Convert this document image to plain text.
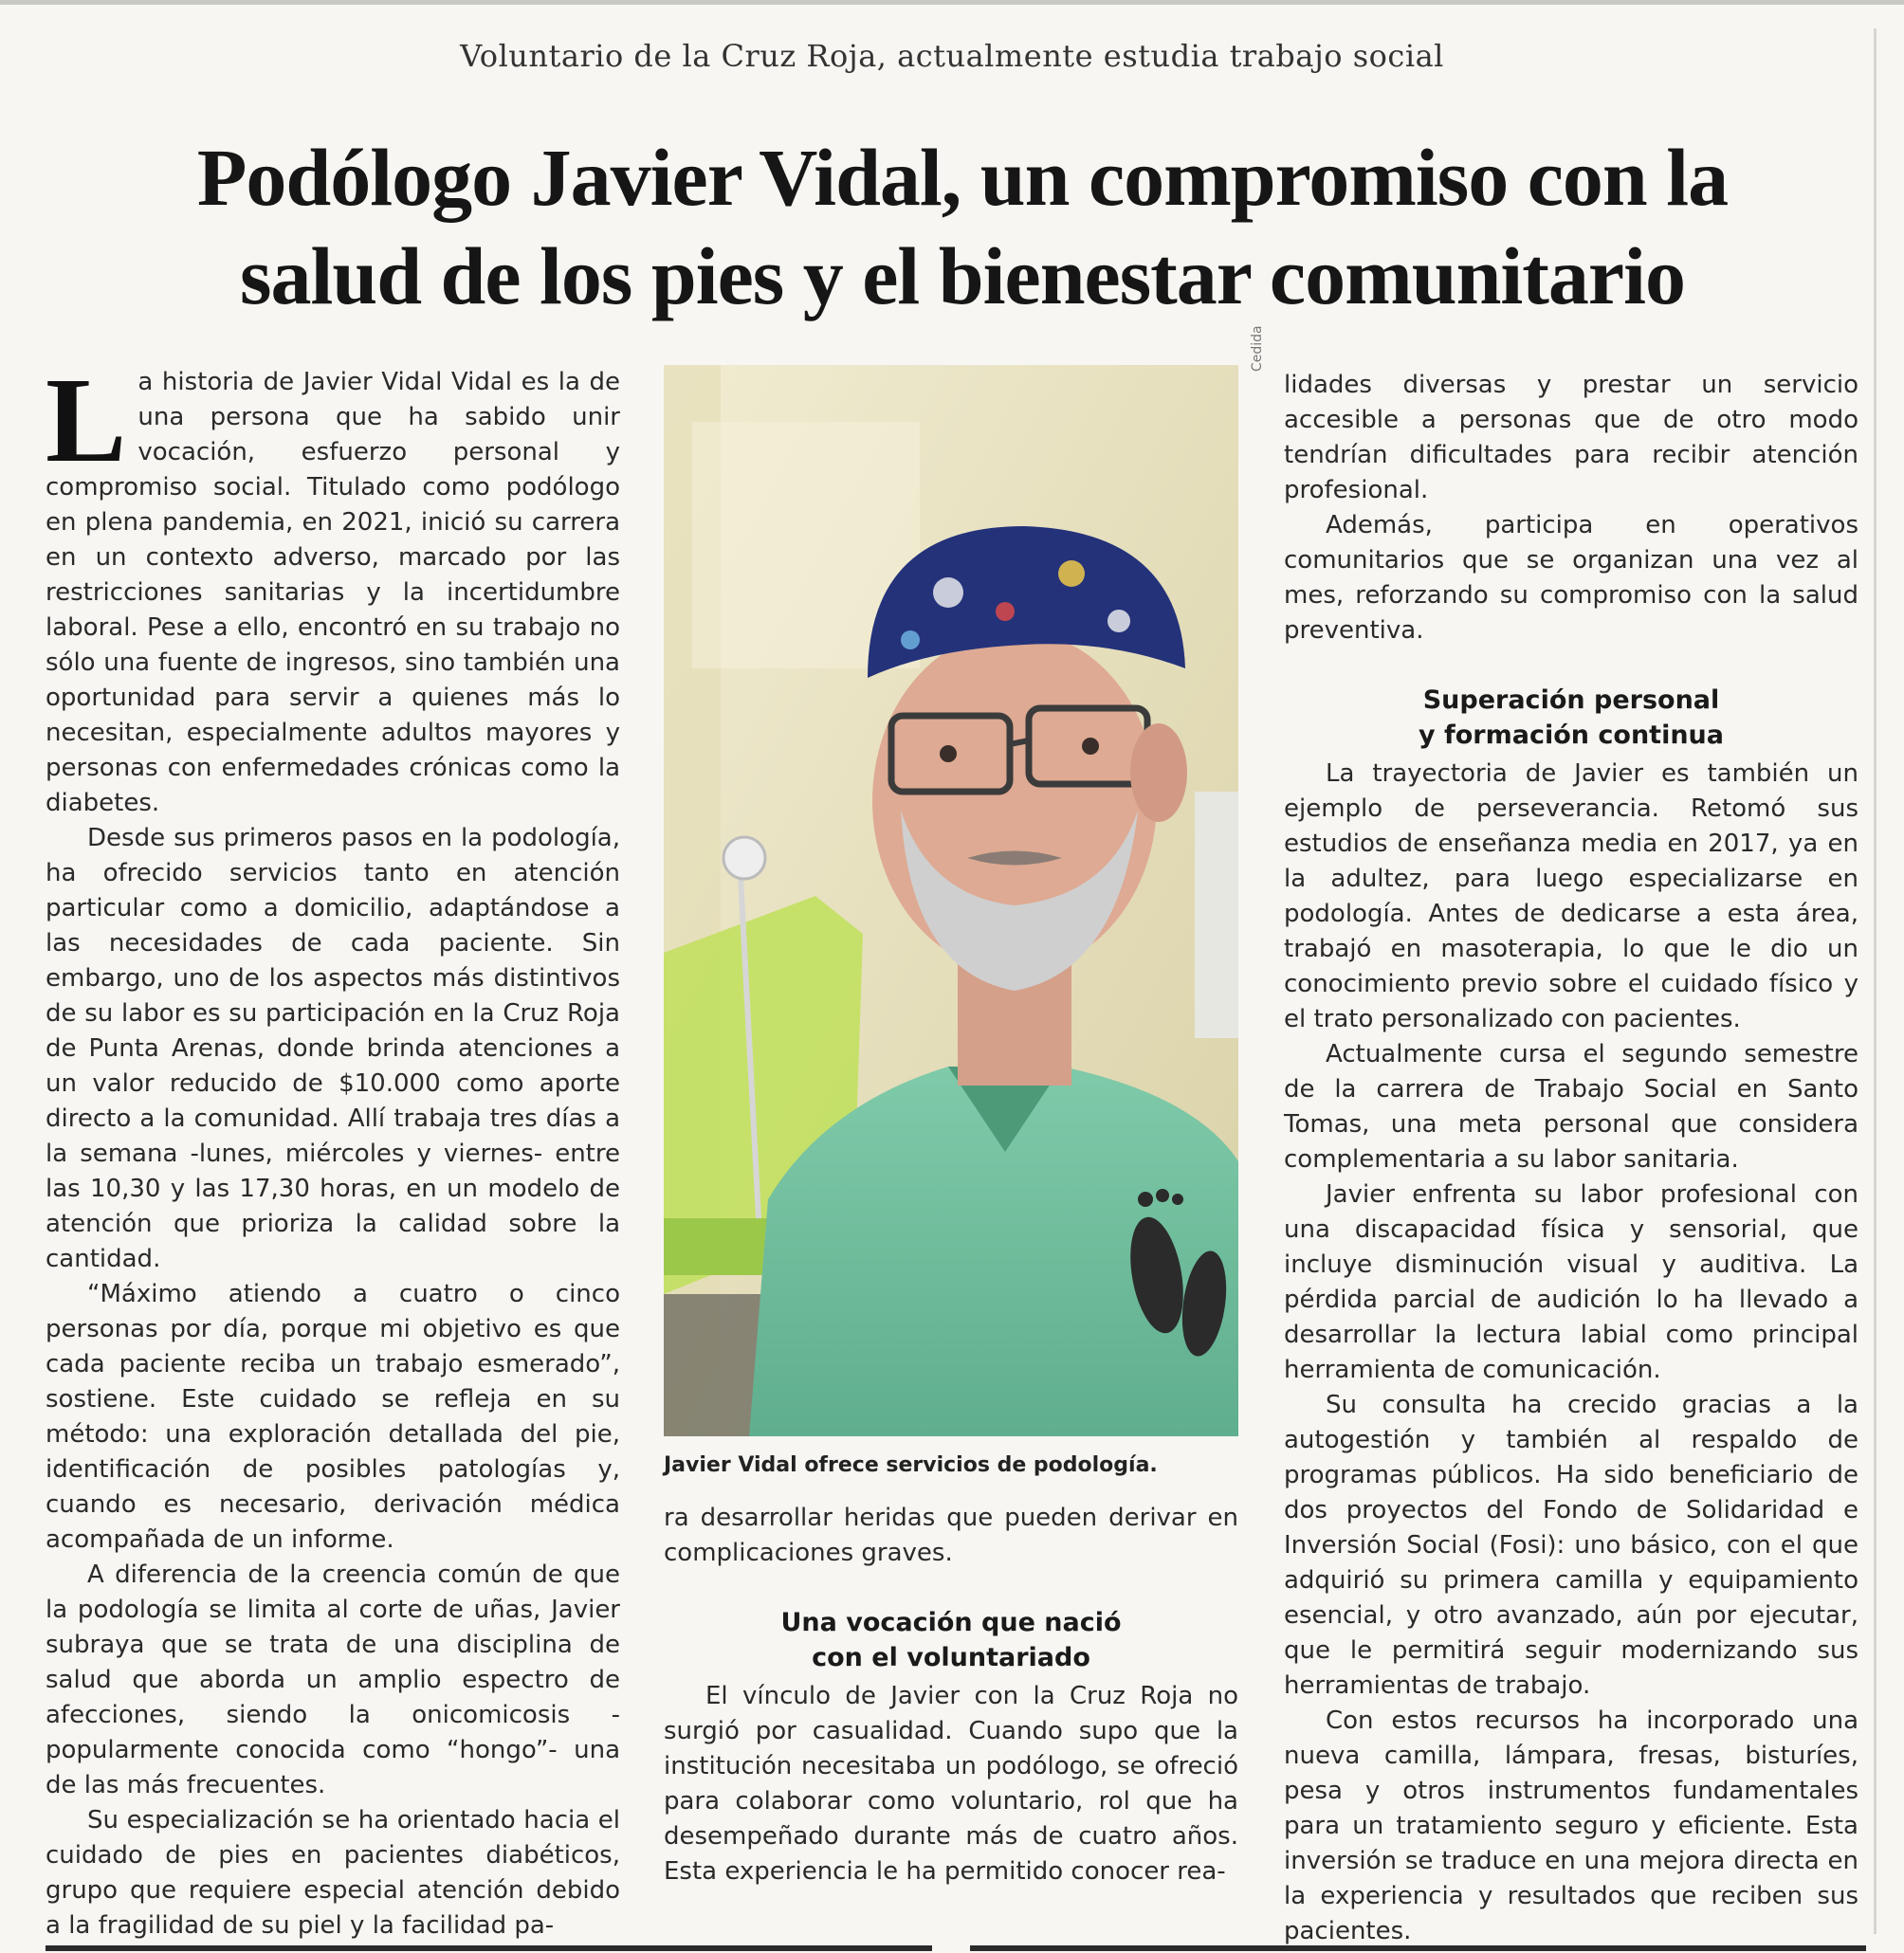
Voluntario de la Cruz Roja, actualmente estudia trabajo social
Podólogo Javier Vidal, un compromiso con la
salud de los pies y el bienestar comunitario

La historia de Javier Vidal Vidal es la de una persona que ha sabido unir vocación, esfuerzo personal y compromiso social. Titulado como podólogo en plena pandemia, en 2021, inició su carrera en un contexto adverso, marcado por las restricciones sanitarias y la incertidumbre laboral. Pese a ello, encontró en su trabajo no sólo una fuente de ingresos, sino también una oportunidad para servir a quienes más lo necesitan, especialmente adultos mayores y personas con enfermedades crónicas como la diabetes.

Desde sus primeros pasos en la podología, ha ofrecido servicios tanto en atención particular como a domicilio, adaptándose a las necesidades de cada paciente. Sin embargo, uno de los aspectos más distintivos de su labor es su participación en la Cruz Roja de Punta Arenas, donde brinda atenciones a un valor reducido de $10.000 como aporte directo a la comunidad. Allí trabaja tres días a la semana -lunes, miércoles y viernes- entre las 10,30 y las 17,30 horas, en un modelo de atención que prioriza la calidad sobre la cantidad.

“Máximo atiendo a cuatro o cinco personas por día, porque mi objetivo es que cada paciente reciba un trabajo esmerado”, sostiene. Este cuidado se refleja en su método: una exploración detallada del pie, identificación de posibles patologías y, cuando es necesario, derivación médica acompañada de un informe.

A diferencia de la creencia común de que la podología se limita al corte de uñas, Javier subraya que se trata de una disciplina de salud que aborda un amplio espectro de afecciones, siendo la onicomicosis -popularmente conocida como “hongo”- una de las más frecuentes.

Su especialización se ha orientado hacia el cuidado de pies en pacientes diabéticos, grupo que requiere especial atención debido a la fragilidad de su piel y la facilidad pa-

Javier Vidal ofrece servicios de podología.

ra desarrollar heridas que pueden derivar en complicaciones graves.

Una vocación que nació
con el voluntariado

El vínculo de Javier con la Cruz Roja no surgió por casualidad. Cuando supo que la institución necesitaba un podólogo, se ofreció para colaborar como voluntario, rol que ha desempeñado durante más de cuatro años. Esta experiencia le ha permitido conocer rea-

Cedida

lidades diversas y prestar un servicio accesible a personas que de otro modo tendrían dificultades para recibir atención profesional.

Además, participa en operativos comunitarios que se organizan una vez al mes, reforzando su compromiso con la salud preventiva.

Superación personal
y formación continua

La trayectoria de Javier es también un ejemplo de perseverancia. Retomó sus estudios de enseñanza media en 2017, ya en la adultez, para luego especializarse en podología. Antes de dedicarse a esta área, trabajó en masoterapia, lo que le dio un conocimiento previo sobre el cuidado físico y el trato personalizado con pacientes.

Actualmente cursa el segundo semestre de la carrera de Trabajo Social en Santo Tomas, una meta personal que considera complementaria a su labor sanitaria.

Javier enfrenta su labor profesional con una discapacidad física y sensorial, que incluye disminución visual y auditiva. La pérdida parcial de audición lo ha llevado a desarrollar la lectura labial como principal herramienta de comunicación.

Su consulta ha crecido gracias a la autogestión y también al respaldo de programas públicos. Ha sido beneficiario de dos proyectos del Fondo de Solidaridad e Inversión Social (Fosi): uno básico, con el que adquirió su primera camilla y equipamiento esencial, y otro avanzado, aún por ejecutar, que le permitirá seguir modernizando sus herramientas de trabajo.

Con estos recursos ha incorporado una nueva camilla, lámpara, fresas, bisturíes, pesa y otros instrumentos fundamentales para un tratamiento seguro y eficiente. Esta inversión se traduce en una mejora directa en la experiencia y resultados que reciben sus pacientes.
